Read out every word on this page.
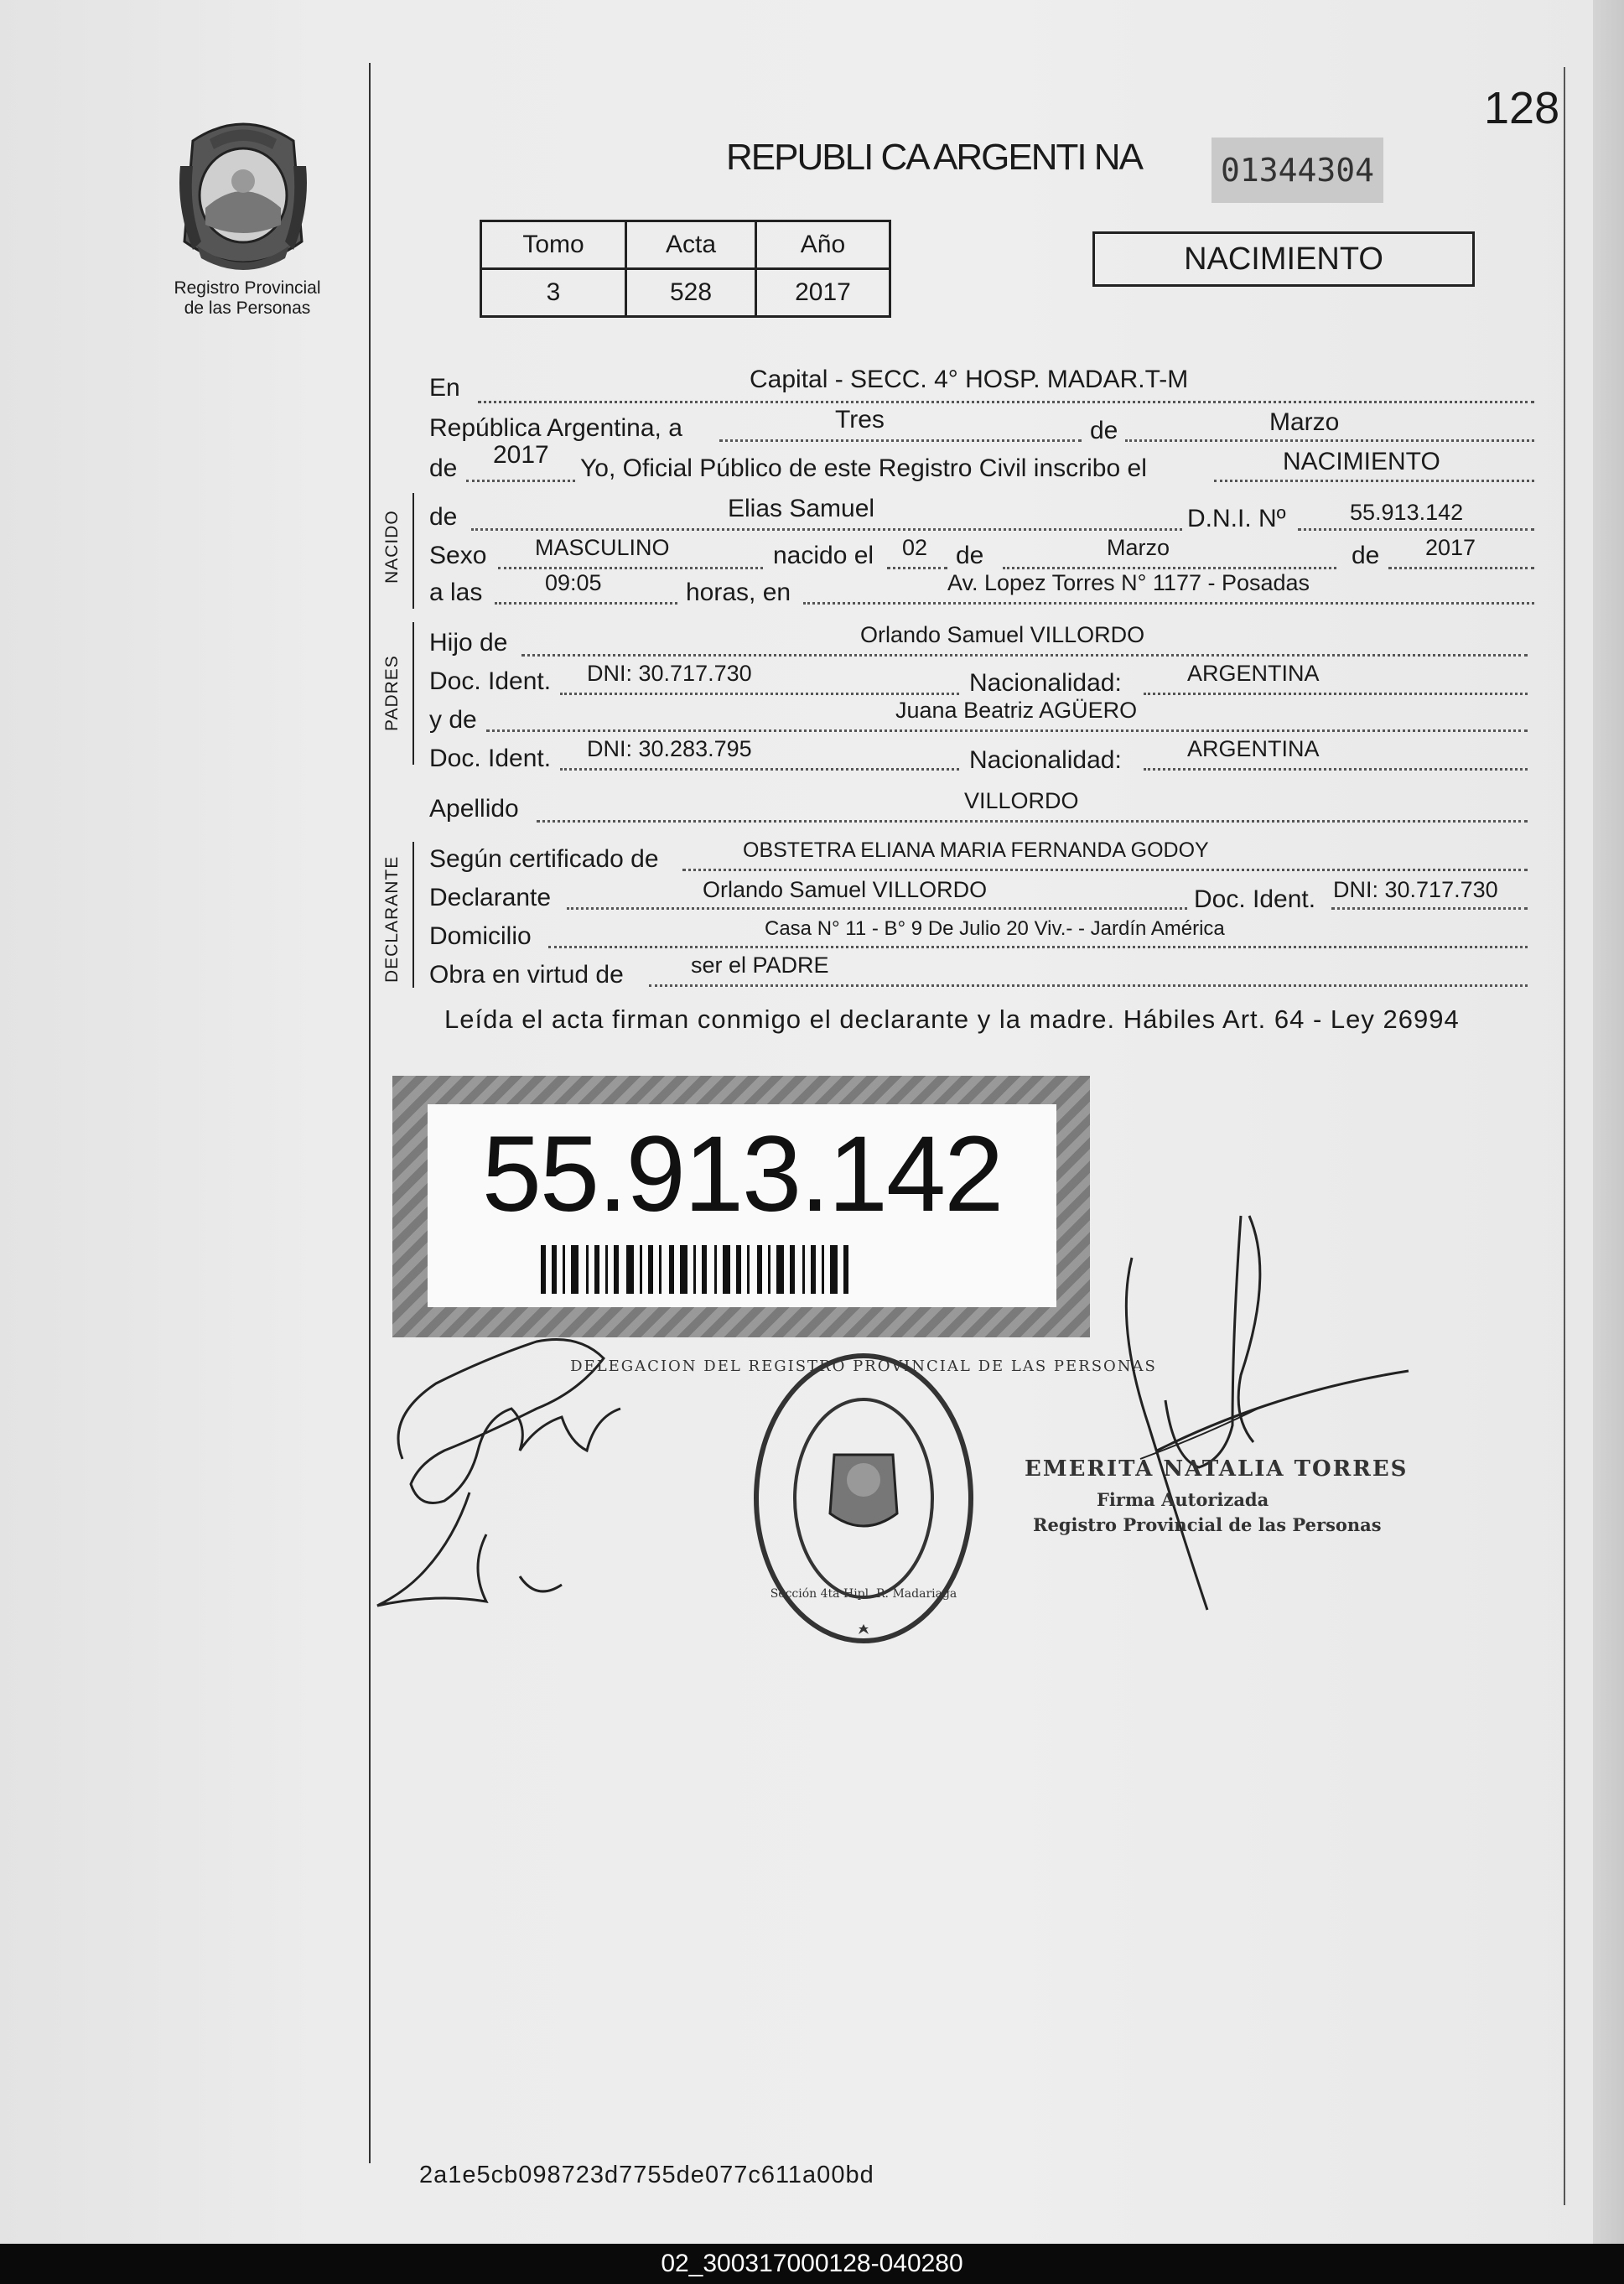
Registro Provincial
de las Personas
128
REPUBLI CA ARGENTI NA 01344304
Tomo	Acta	Año
3	528	2017
NACIMIENTO
En	Capital - SECC. 4° HOSP. MADAR.T-M
República Argentina, a	Tres	de	Marzo
de 2017 Yo, Oficial Público de este Registro Civil inscribo el	NACIMIENTO
NACIDO de	Elias Samuel	D.N.I. Nº	55.913.142
Sexo MASCULINO	nacido el 02 de	Marzo	de 2017
a las	09:05	horas, en	Av. Lopez Torres N° 1177 - Posadas
PADRES
Hijo de	Orlando Samuel VILLORDO
Doc. Ident. DNI: 30.717.730	Nacionalidad:	ARGENTINA
y de	Juana Beatriz AGÜERO
Doc. Ident. DNI: 30.283.795	Nacionalidad:	ARGENTINA
Apellido	VILLORDO
DECLARANTE Según certificado de	OBSTETRA ELIANA MARIA FERNANDA GODOY
Declarante	Orlando Samuel VILLORDO	Doc. Ident. DNI: 30.717.730
Domicilio	Casa N° 11 - B° 9 De Julio 20 Viv.- - Jardín América
Obra en virtud de	ser el PADRE
Leída el acta firman conmigo el declarante y la madre. Hábiles Art. 64 - Ley 26994
55.913.142
DELEGACION DEL REGISTRO PROVINCIAL DE LAS PERSONAS
Sección 4ta Hipl. R. Madariaga
EMERITA NATALIA TORRES
Firma Autorizada
Registro Provincial de las Personas
2a1e5cb098723d7755de077c611a00bd
02_300317000128-040280
